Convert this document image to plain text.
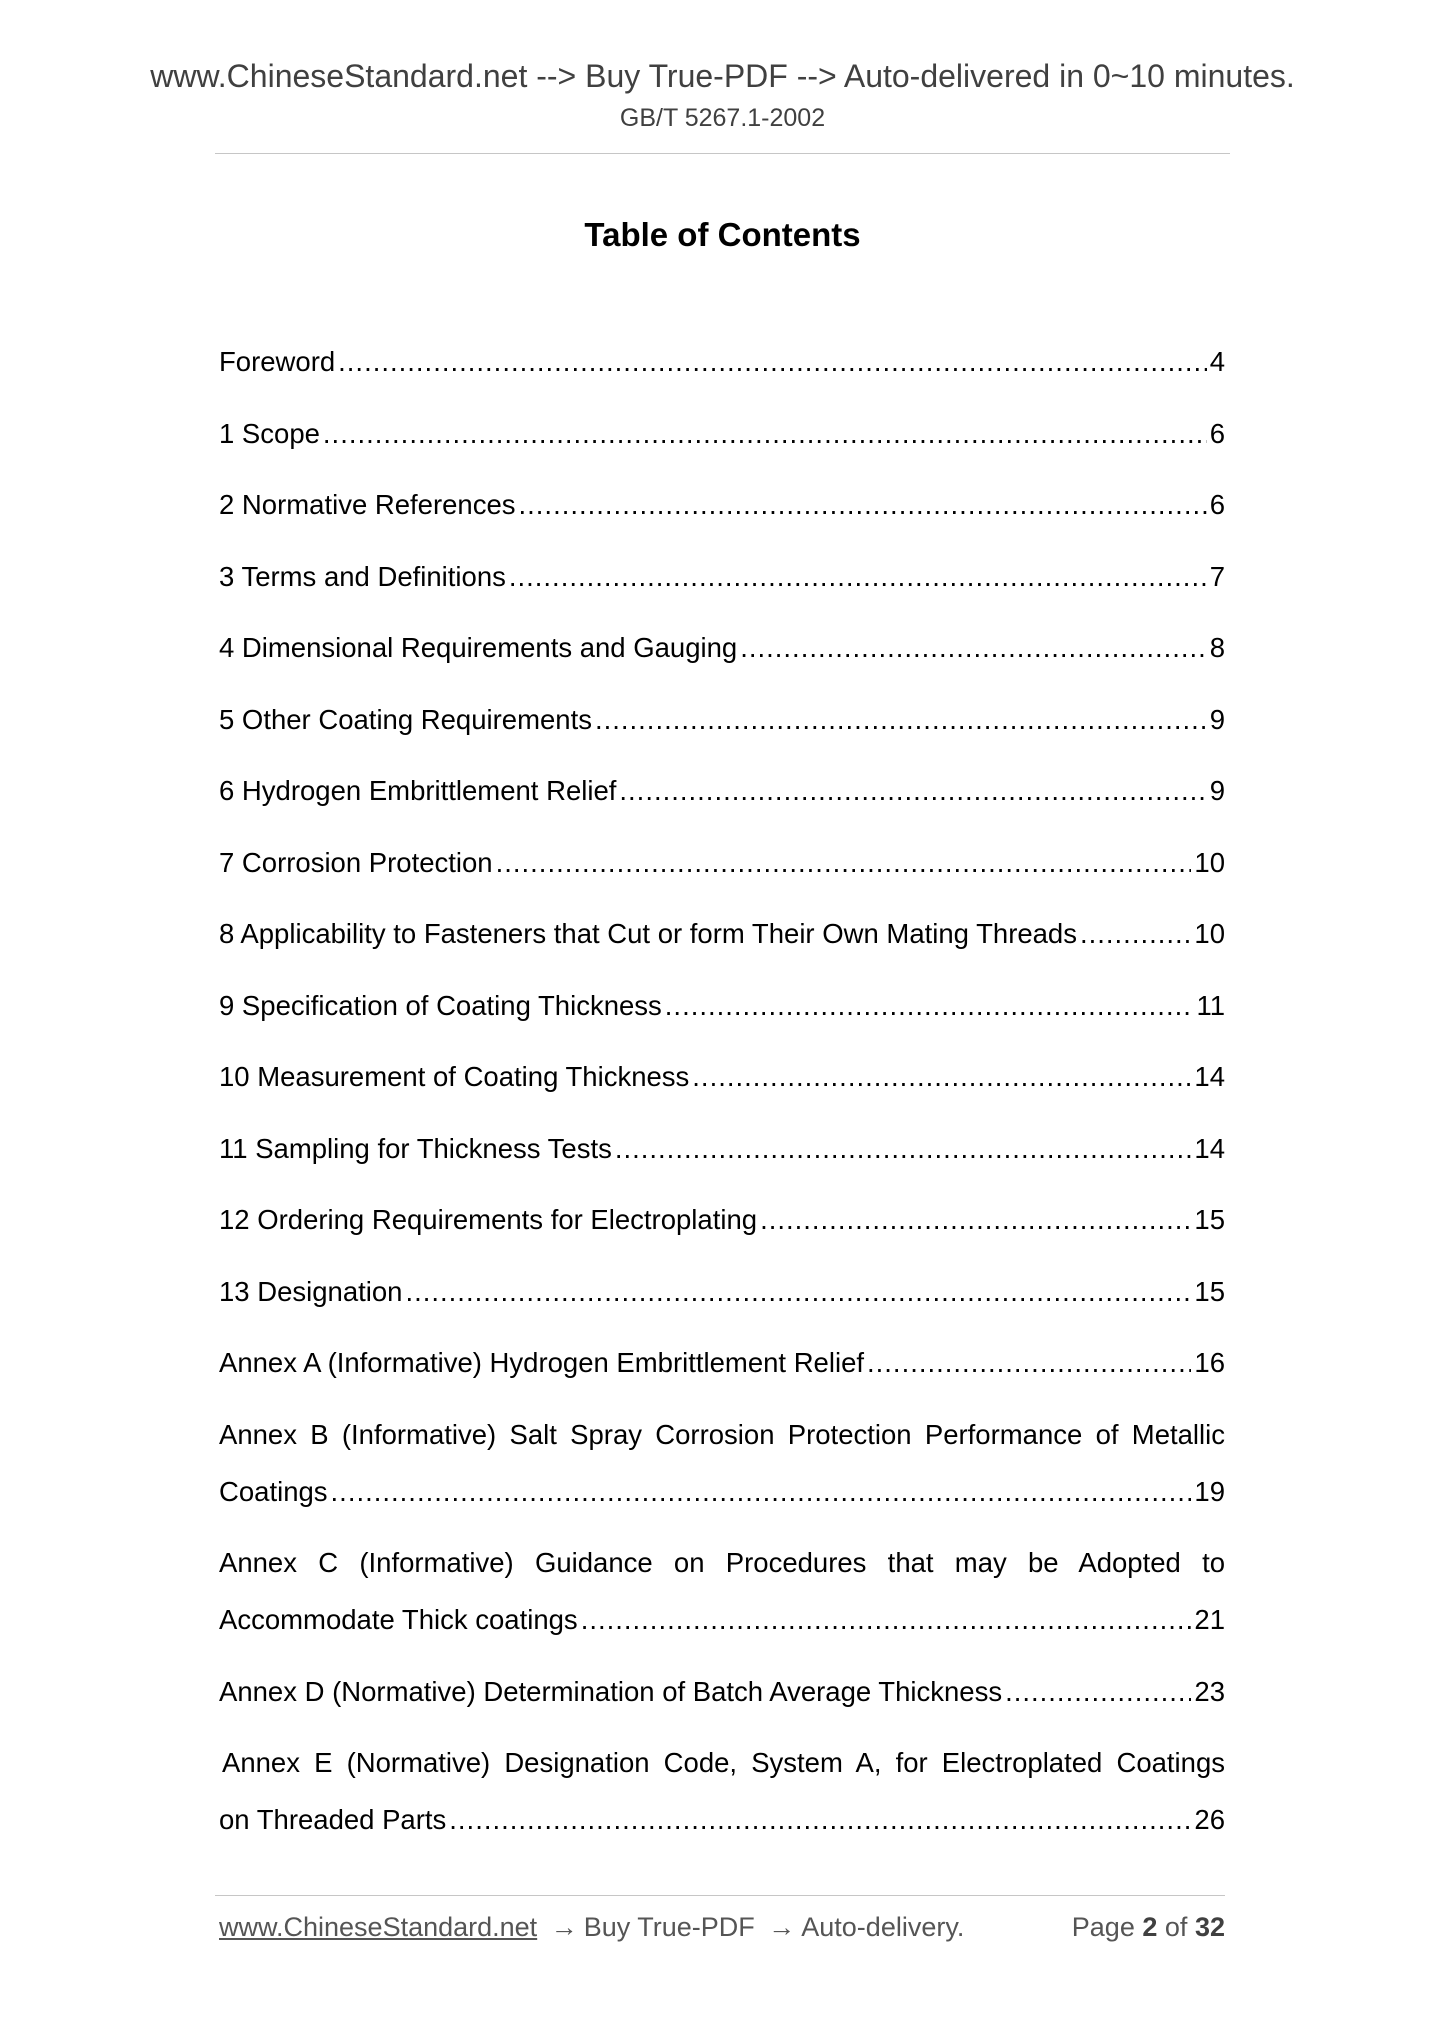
www.ChineseStandard.net --> Buy True-PDF --> Auto-delivered in 0~10 minutes.
GB/T 5267.1-2002
Table of Contents
Foreword .....	4
1 Scope .....	6
2 Normative References .....	6
3 Terms and Definitions .....	7
4 Dimensional Requirements and Gauging .....	8
5 Other Coating Requirements .....	9
6 Hydrogen Embrittlement Relief .....	9
7 Corrosion Protection .....	10
8 Applicability to Fasteners that Cut or form Their Own Mating Threads .....	10
9 Specification of Coating Thickness .....	11
10 Measurement of Coating Thickness .....	14
11 Sampling for Thickness Tests .....	14
12 Ordering Requirements for Electroplating .....	15
13 Designation .....	15
Annex A (Informative) Hydrogen Embrittlement Relief .....	16
Annex B (Informative) Salt Spray Corrosion Protection Performance of Metallic
Coatings .....	19
Annex C (Informative) Guidance on Procedures that may be Adopted to
Accommodate Thick coatings .....	21
Annex D (Normative) Determination of Batch Average Thickness .....	23
Annex E (Normative) Designation Code, System A, for Electroplated Coatings
on Threaded Parts .....	26
www.ChineseStandard.net → Buy True-PDF → Auto-delivery.	Page 2 of 32
